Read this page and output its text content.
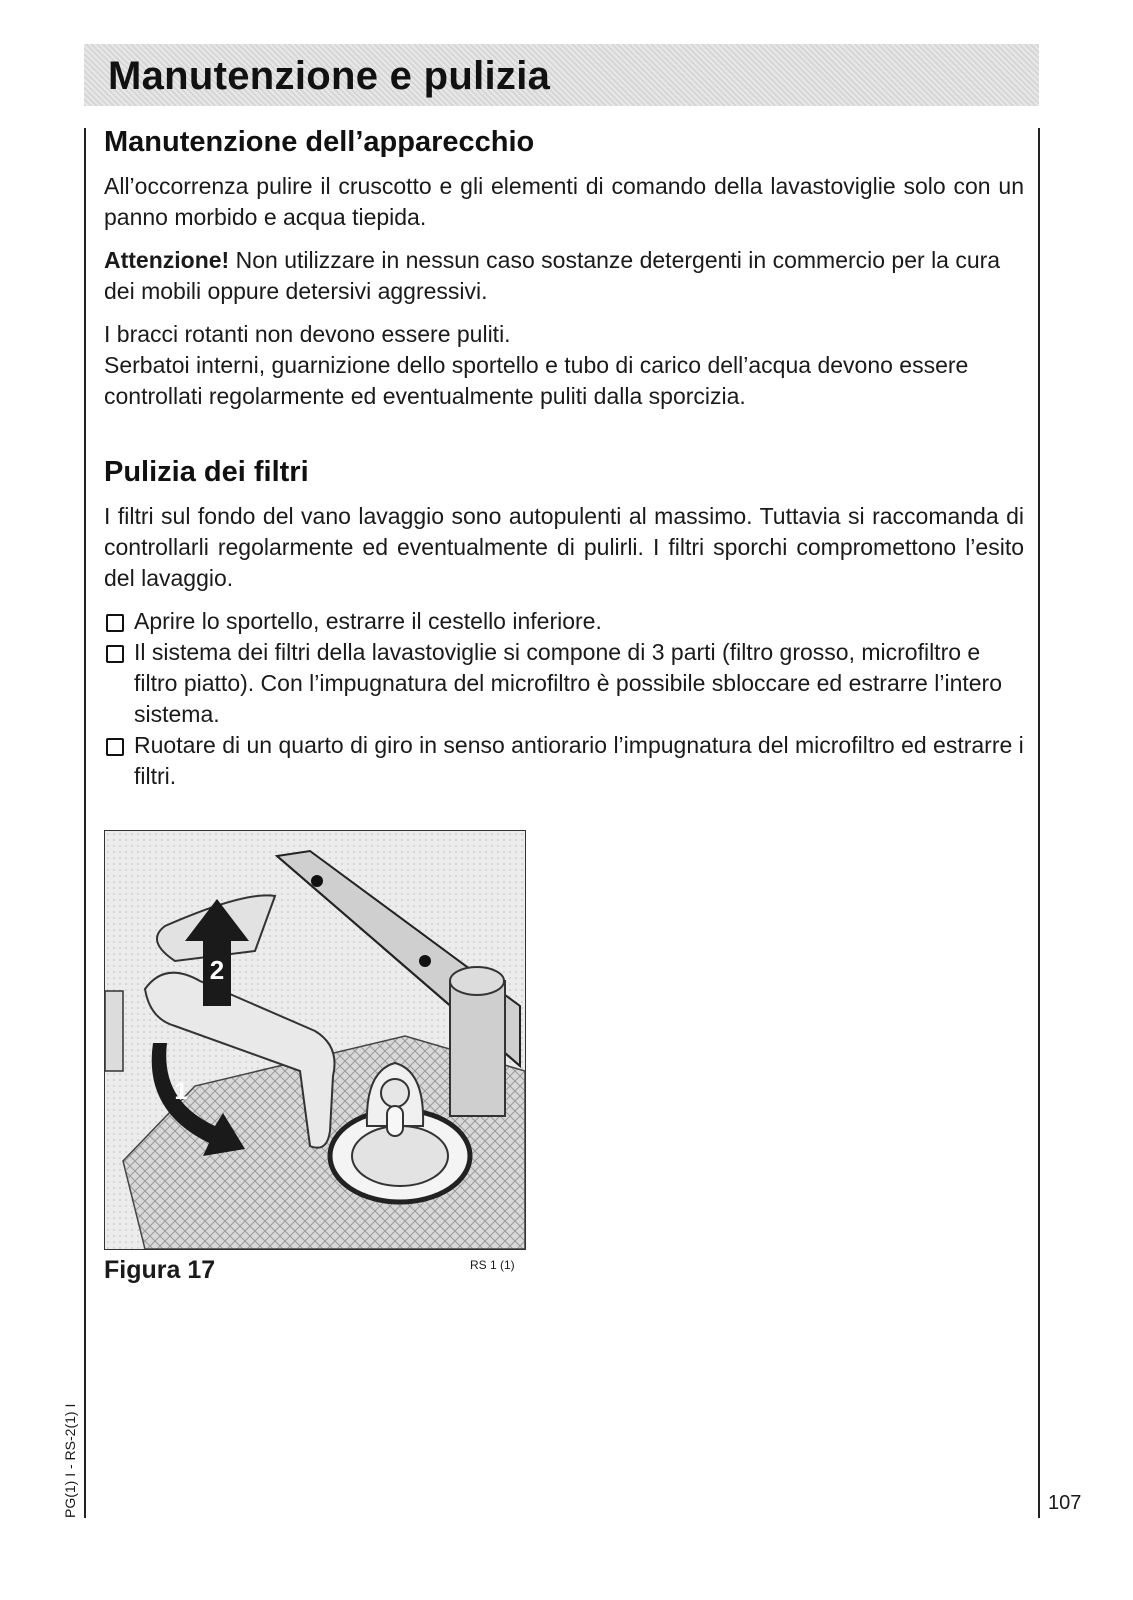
Manutenzione e pulizia
Manutenzione dell’apparecchio

All’occorrenza pulire il cruscotto e gli elementi di comando della lavastoviglie solo con un panno morbido e acqua tiepida.

Attenzione! Non utilizzare in nessun caso sostanze detergenti in commercio per la cura dei mobili oppure detersivi aggressivi.

I bracci rotanti non devono essere puliti.
Serbatoi interni, guarnizione dello sportello e tubo di carico dell’acqua devono essere controllati regolarmente ed eventualmente puliti dalla sporcizia.

Pulizia dei filtri

I filtri sul fondo del vano lavaggio sono autopulenti al massimo. Tuttavia si raccomanda di controllarli regolarmente ed eventualmente di pulirli. I filtri sporchi compromettono l’esito del lavaggio.

Aprire lo sportello, estrarre il cestello inferiore.
Il sistema dei filtri della lavastoviglie si compone di 3 parti (filtro grosso, microfiltro e filtro piatto). Con l’impugnatura del microfiltro è possibile sbloccare ed estrarre l’intero sistema.
Ruotare di un quarto di giro in senso antiorario l’impugnatura del microfiltro ed estrarre i filtri.
2
1
Figura 17	RS 1 (1)
PG(1) I - RS-2(1) I	107
